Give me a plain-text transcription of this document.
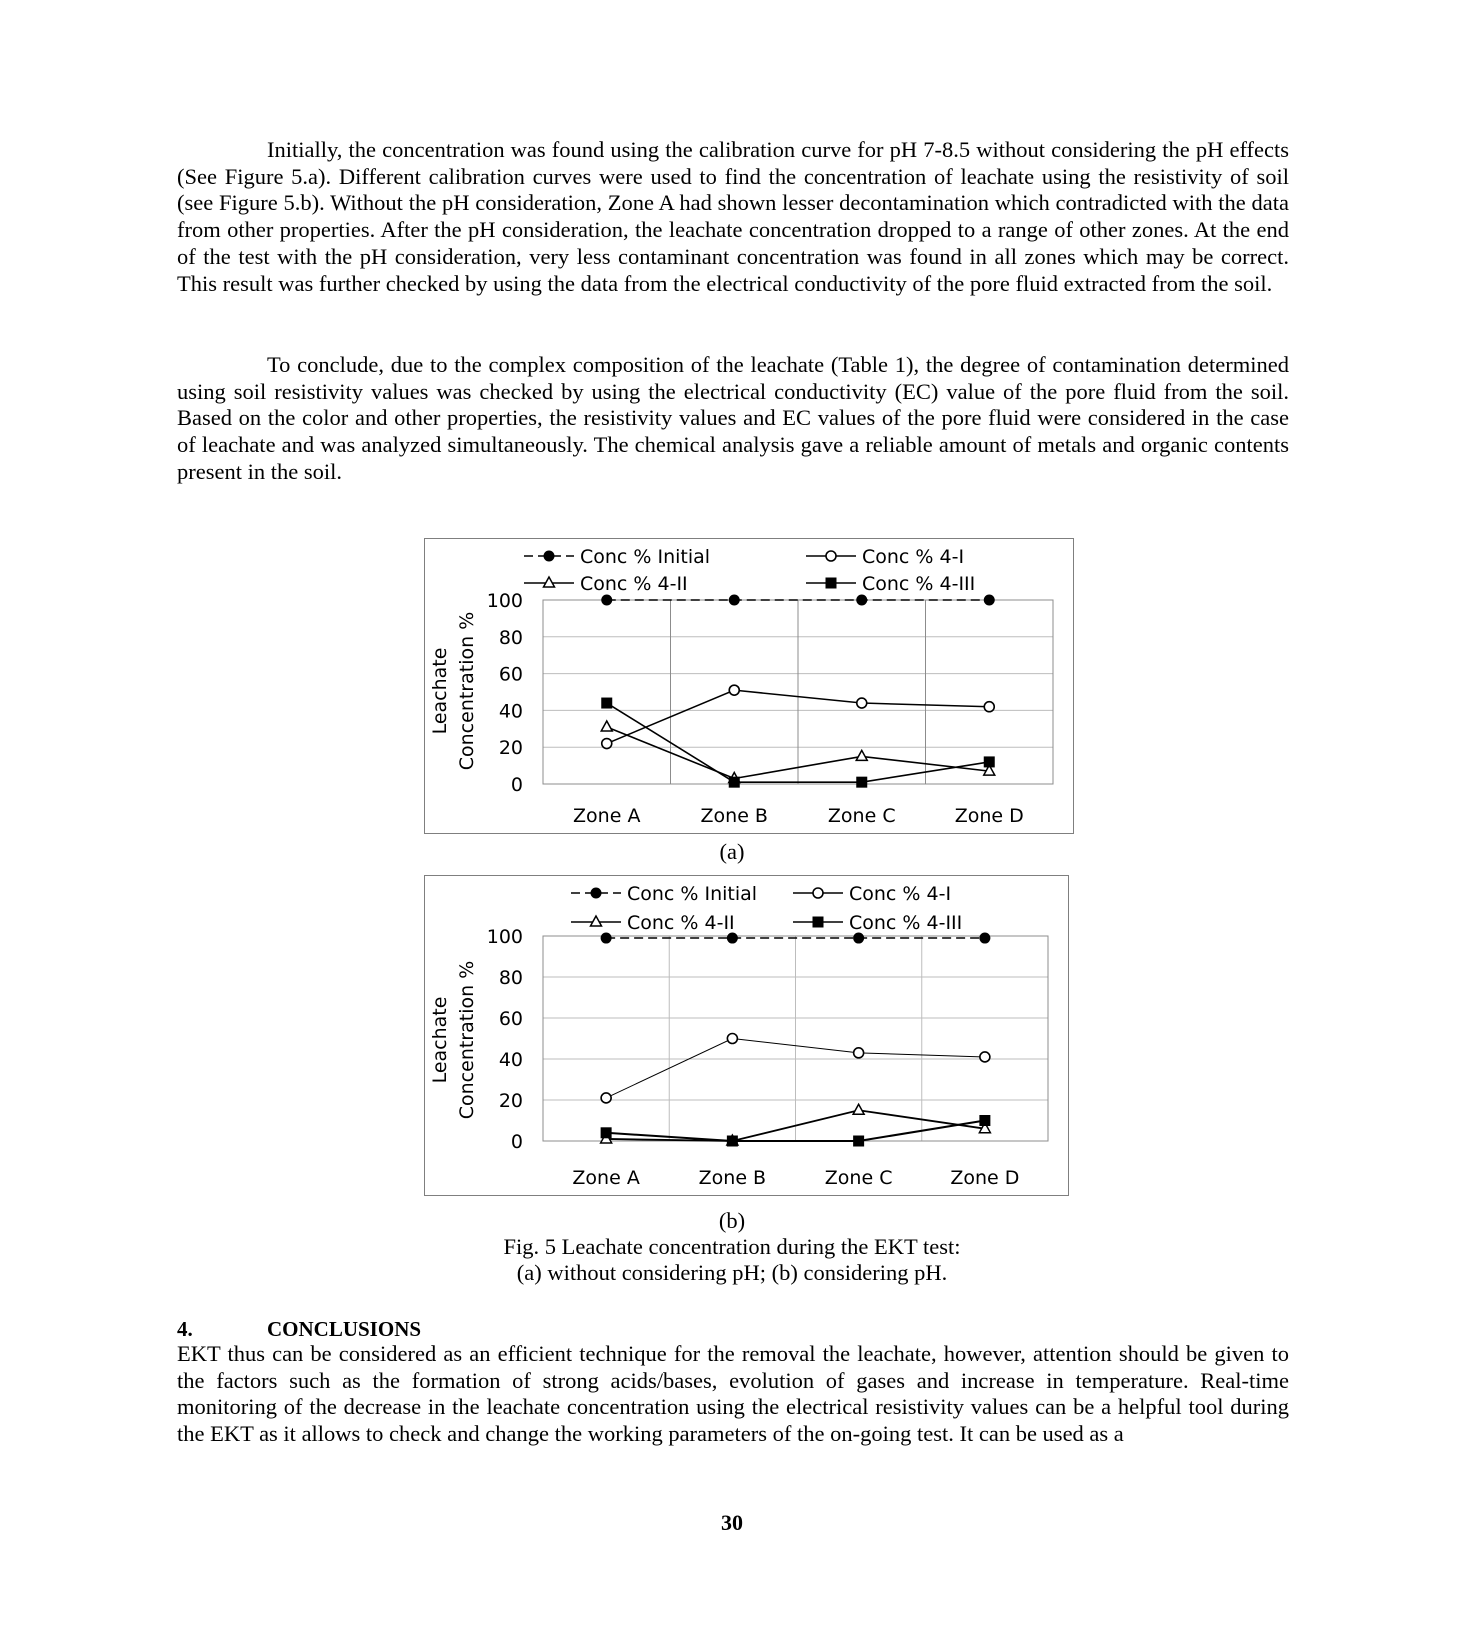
Initially, the concentration was found using the calibration curve for pH 7-8.5 without considering the pH effects (See Figure 5.a). Different calibration curves were used to find the concentration of leachate using the resistivity of soil (see Figure 5.b). Without the pH consideration, Zone A had shown lesser decontamination which contradicted with the data from other properties. After the pH consideration, the leachate concentration dropped to a range of other zones. At the end of the test with the pH consideration, very less contaminant concentration was found in all zones which may be correct. This result was further checked by using the data from the electrical conductivity of the pore fluid extracted from the soil.

To conclude, due to the complex composition of the leachate (Table 1), the degree of contamination determined using soil resistivity values was checked by using the electrical conductivity (EC) value of the pore fluid from the soil. Based on the color and other properties, the resistivity values and EC values of the pore fluid were considered in the case of leachate and was analyzed simultaneously. The chemical analysis gave a reliable amount of metals and organic contents present in the soil.

0
20
40
60
80
100
Zone A	Zone B	Zone C	Zone D
Leachate Concentration %
Conc % Initial	Conc % 4-I
Conc % 4-II	Conc % 4-III
(a)
0
20
40
60
80
100
Zone A	Zone B	Zone C	Zone D
Leachate Concentration %
Conc % Initial	Conc % 4-I
Conc % 4-II	Conc % 4-III
(b)
Fig. 5 Leachate concentration during the EKT test:
(a) without considering pH; (b) considering pH.
4.	CONCLUSIONS

EKT thus can be considered as an efficient technique for the removal the leachate, however, attention should be given to the factors such as the formation of strong acids/bases, evolution of gases and increase in temperature. Real-time monitoring of the decrease in the leachate concentration using the electrical resistivity values can be a helpful tool during the EKT as it allows to check and change the working parameters of the on-going test. It can be used as a

30
